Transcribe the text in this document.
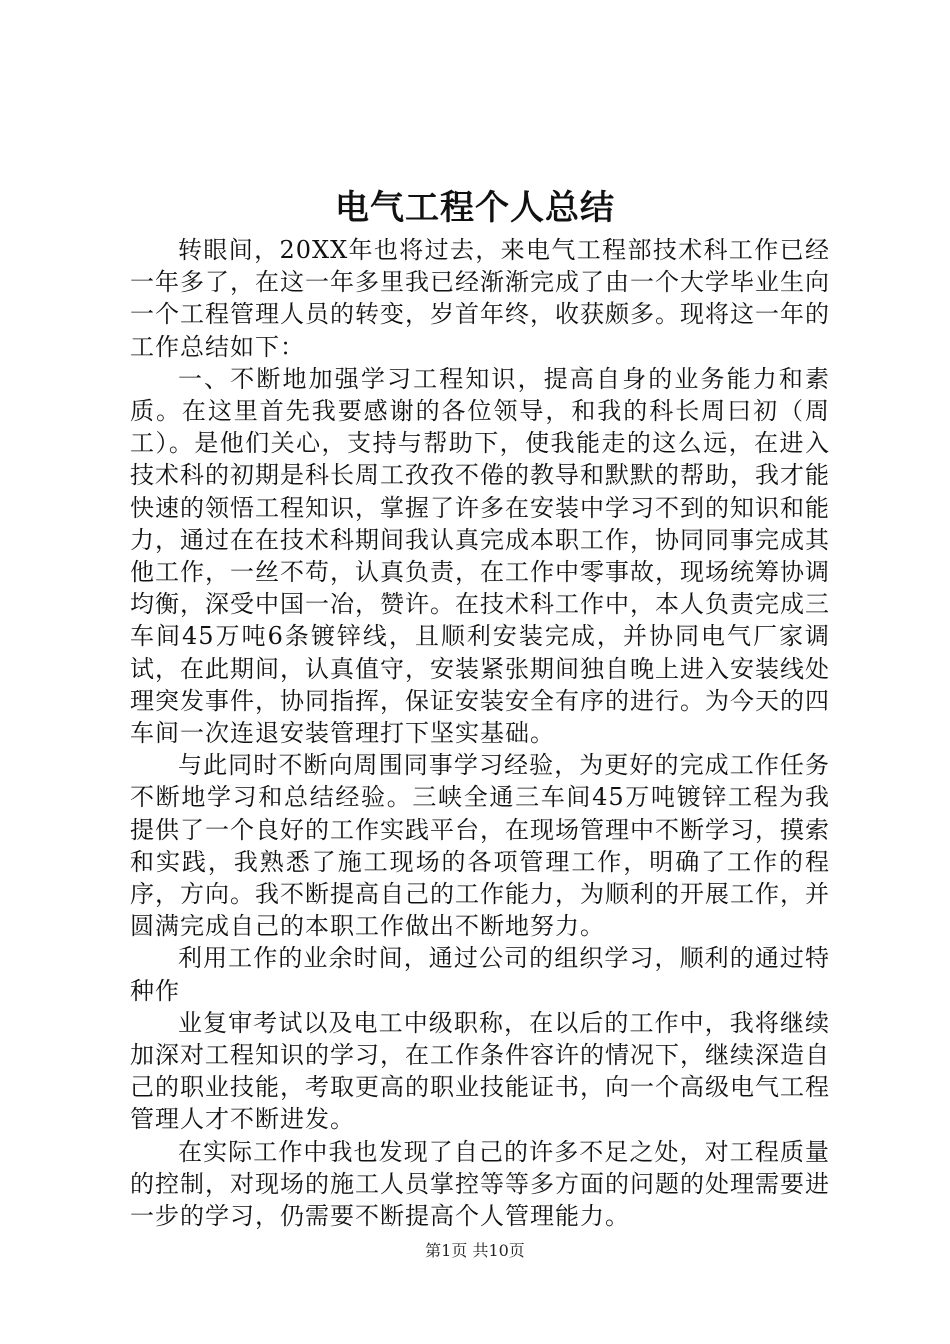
电气工程个人总结

转眼间，20XX年也将过去，来电气工程部技术科工作已经一年多了，在这一年多里我已经渐渐完成了由一个大学毕业生向一个工程管理人员的转变，岁首年终，收获颇多。现将这一年的工作总结如下：

一、不断地加强学习工程知识，提高自身的业务能力和素质。在这里首先我要感谢的各位领导，和我的科长周曰初（周工）。是他们关心，支持与帮助下，使我能走的这么远，在进入技术科的初期是科长周工孜孜不倦的教导和默默的帮助，我才能快速的领悟工程知识，掌握了许多在安装中学习不到的知识和能力，通过在在技术科期间我认真完成本职工作，协同同事完成其他工作，一丝不苟，认真负责，在工作中零事故，现场统筹协调均衡，深受中国一冶，赞许。在技术科工作中，本人负责完成三车间45万吨6条镀锌线，且顺利安装完成，并协同电气厂家调试，在此期间，认真值守，安装紧张期间独自晚上进入安装线处理突发事件，协同指挥，保证安装安全有序的进行。为今天的四车间一次连退安装管理打下坚实基础。

与此同时不断向周围同事学习经验，为更好的完成工作任务不断地学习和总结经验。三峡全通三车间45万吨镀锌工程为我提供了一个良好的工作实践平台，在现场管理中不断学习，摸索和实践，我熟悉了施工现场的各项管理工作，明确了工作的程序，方向。我不断提高自己的工作能力，为顺利的开展工作，并圆满完成自己的本职工作做出不断地努力。

利用工作的业余时间，通过公司的组织学习，顺利的通过特种作

业复审考试以及电工中级职称，在以后的工作中，我将继续加深对工程知识的学习，在工作条件容许的情况下，继续深造自己的职业技能，考取更高的职业技能证书，向一个高级电气工程管理人才不断进发。

在实际工作中我也发现了自己的许多不足之处，对工程质量的控制，对现场的施工人员掌控等等多方面的问题的处理需要进一步的学习，仍需要不断提高个人管理能力。

第1页 共10页
